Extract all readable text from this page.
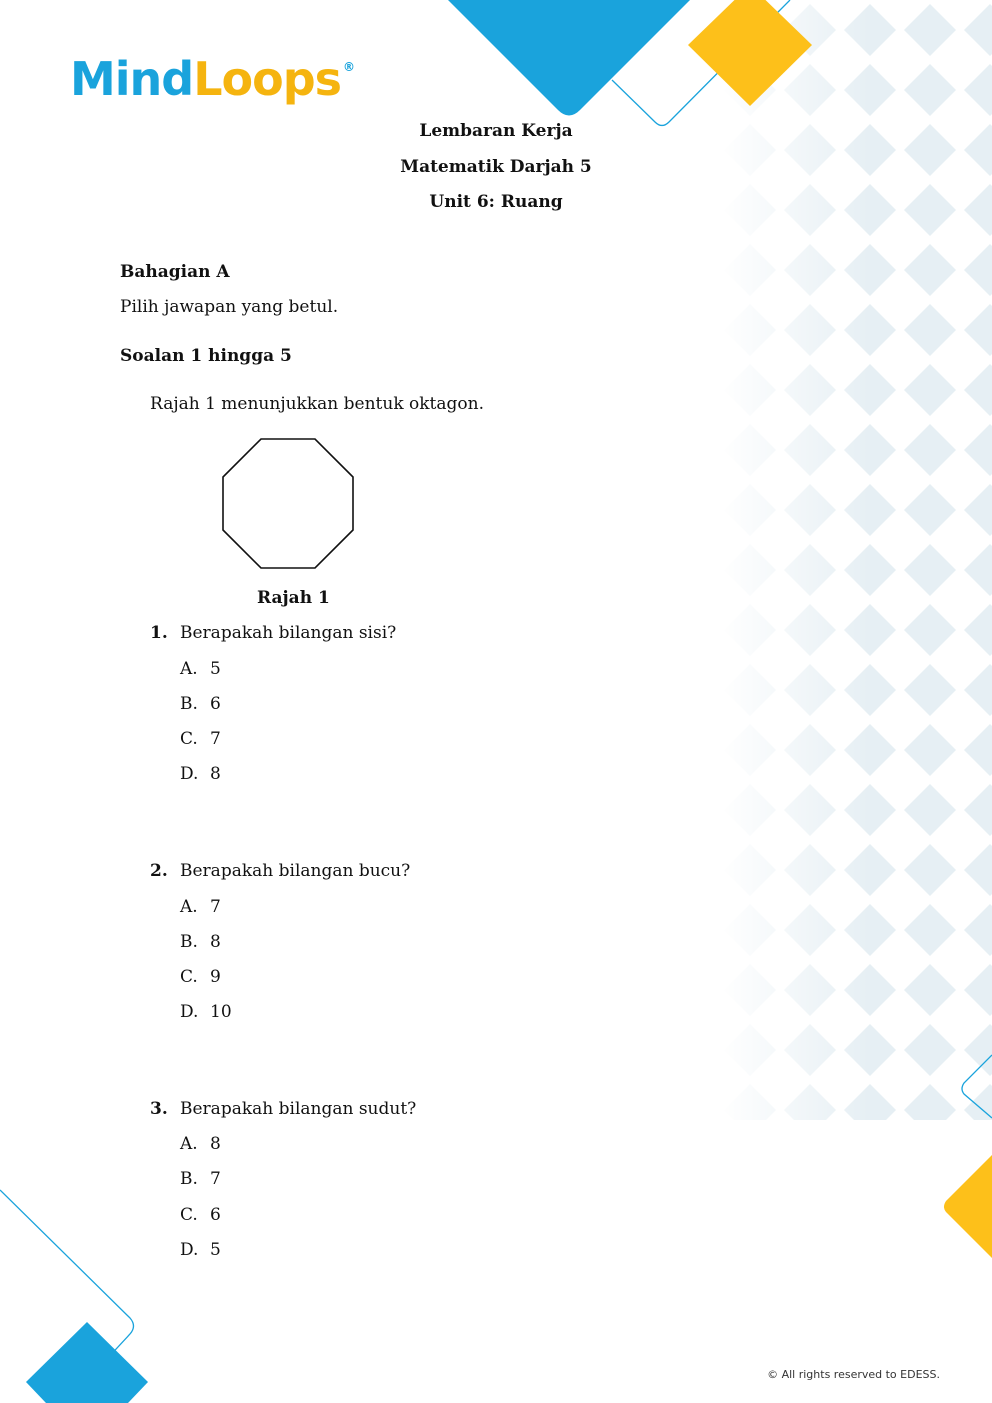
Mind Loops ®
Lembaran Kerja
Matematik Darjah 5
Unit 6: Ruang
Bahagian A
Pilih jawapan yang betul.
Soalan 1 hingga 5
Rajah 1 menunjukkan bentuk oktagon.
Rajah 1
1. Berapakah bilangan sisi?
A. 5
B. 6
C. 7
D. 8
2. Berapakah bilangan bucu?
A. 7
B. 8
C. 9
D. 10
3. Berapakah bilangan sudut?
A. 8
B. 7
C. 6
D. 5
© All rights reserved to EDESS.
